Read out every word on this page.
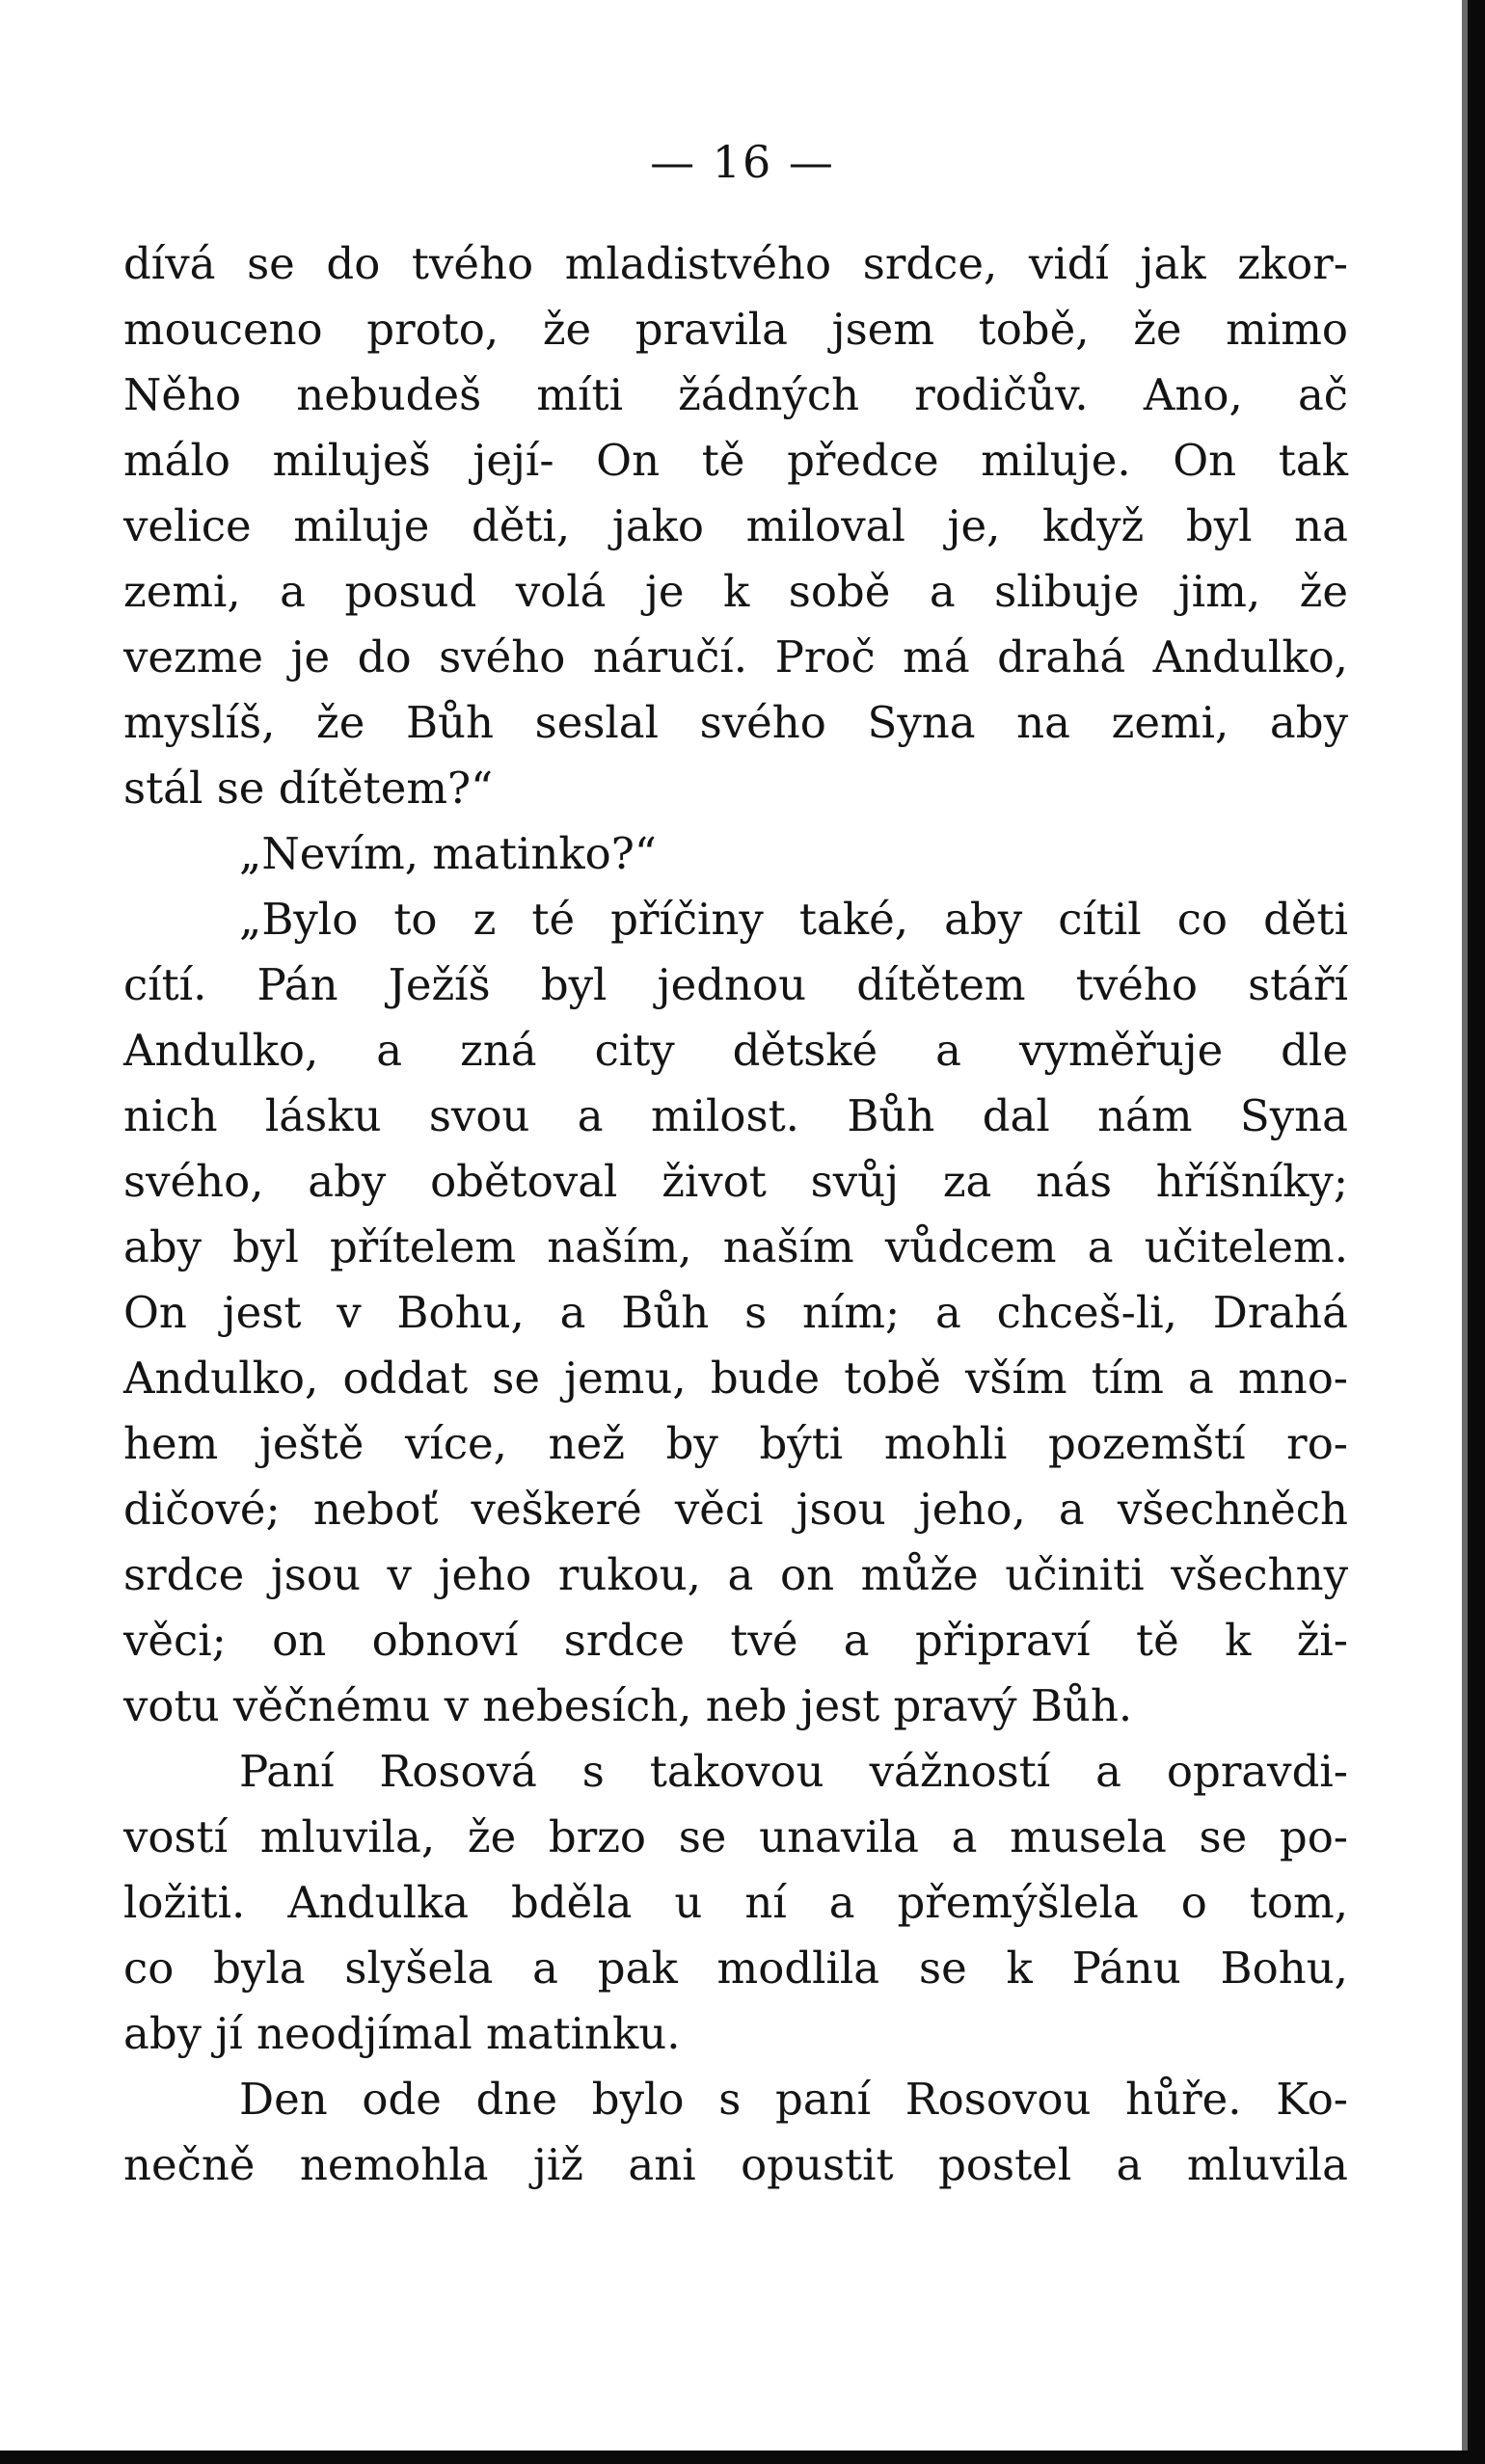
— 16 —
dívá se do tvého mladistvého srdce, vidí jak zkor-
mouceno proto, že pravila jsem tobě, že mimo
Něho nebudeš míti žádných rodičův. Ano, ač
málo miluješ její- On tě předce miluje. On tak
velice miluje děti, jako miloval je, když byl na
zemi, a posud volá je k sobě a slibuje jim, že
vezme je do svého náručí. Proč má drahá Andulko,
myslíš, že Bůh seslal svého Syna na zemi, aby
stál se dítětem?“
„Nevím, matinko?“
„Bylo to z té příčiny také, aby cítil co děti
cítí. Pán Ježíš byl jednou dítětem tvého stáří
Andulko, a zná city dětské a vyměřuje dle
nich lásku svou a milost. Bůh dal nám Syna
svého, aby obětoval život svůj za nás hříšníky;
aby byl přítelem naším, naším vůdcem a učitelem.
On jest v Bohu, a Bůh s ním; a chceš-li, Drahá
Andulko, oddat se jemu, bude tobě vším tím a mno-
hem ještě více, než by býti mohli pozemští ro-
dičové; neboť veškeré věci jsou jeho, a všechněch
srdce jsou v jeho rukou, a on může učiniti všechny
věci; on obnoví srdce tvé a připraví tě k ži-
votu věčnému v nebesích, neb jest pravý Bůh.
Paní Rosová s takovou vážností a opravdi-
vostí mluvila, že brzo se unavila a musela se po-
ložiti. Andulka bděla u ní a přemýšlela o tom,
co byla slyšela a pak modlila se k Pánu Bohu,
aby jí neodjímal matinku.
Den ode dne bylo s paní Rosovou hůře. Ko-
nečně nemohla již ani opustit postel a mluvila
